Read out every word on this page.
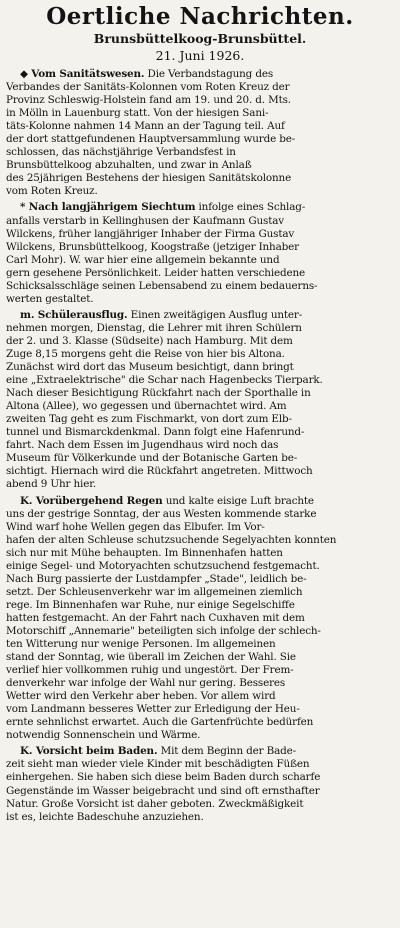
Oertliche Nachrichten.
Brunsbüttelkoog-Brunsbüttel.
21. Juni 1926.
◆ Vom Sanitätswesen. Die Verbandstagung des
Verbandes der Sanitäts-Kolonnen vom Roten Kreuz der
Provinz Schleswig-Holstein fand am 19. und 20. d. Mts.
in Mölln in Lauenburg statt. Von der hiesigen Sani-
täts-Kolonne nahmen 14 Mann an der Tagung teil. Auf
der dort stattgefundenen Hauptversammlung wurde be-
schlossen, das nächstjährige Verbandsfest in
Brunsbüttelkoog abzuhalten, und zwar in Anlaß
des 25jährigen Bestehens der hiesigen Sanitätskolonne
vom Roten Kreuz.
* Nach langjährigem Siechtum infolge eines Schlag-
anfalls verstarb in Kellinghusen der Kaufmann Gustav
Wilckens, früher langjähriger Inhaber der Firma Gustav
Wilckens, Brunsbüttelkoog, Koogstraße (jetziger Inhaber
Carl Mohr). W. war hier eine allgemein bekannte und
gern gesehene Persönlichkeit. Leider hatten verschiedene
Schicksalsschläge seinen Lebensabend zu einem bedauerns-
werten gestaltet.
m. Schülerausflug. Einen zweitägigen Ausflug unter-
nehmen morgen, Dienstag, die Lehrer mit ihren Schülern
der 2. und 3. Klasse (Südseite) nach Hamburg. Mit dem
Zuge 8,15 morgens geht die Reise von hier bis Altona.
Zunächst wird dort das Museum besichtigt, dann bringt
eine „Extraelektrische" die Schar nach Hagenbecks Tierpark.
Nach dieser Besichtigung Rückfahrt nach der Sporthalle in
Altona (Allee), wo gegessen und übernachtet wird. Am
zweiten Tag geht es zum Fischmarkt, von dort zum Elb-
tunnel und Bismarckdenkmal. Dann folgt eine Hafenrund-
fahrt. Nach dem Essen im Jugendhaus wird noch das
Museum für Völkerkunde und der Botanische Garten be-
sichtigt. Hiernach wird die Rückfahrt angetreten. Mittwoch
abend 9 Uhr hier.
K. Vorübergehend Regen und kalte eisige Luft brachte
uns der gestrige Sonntag, der aus Westen kommende starke
Wind warf hohe Wellen gegen das Elbufer. Im Vor-
hafen der alten Schleuse schutzsuchende Segelyachten konnten
sich nur mit Mühe behaupten. Im Binnenhafen hatten
einige Segel- und Motoryachten schutzsuchend festgemacht.
Nach Burg passierte der Lustdampfer „Stade", leidlich be-
setzt. Der Schleusenverkehr war im allgemeinen ziemlich
rege. Im Binnenhafen war Ruhe, nur einige Segelschiffe
hatten festgemacht. An der Fahrt nach Cuxhaven mit dem
Motorschiff „Annemarie" beteiligten sich infolge der schlech-
ten Witterung nur wenige Personen. Im allgemeinen
stand der Sonntag, wie überall im Zeichen der Wahl. Sie
verlief hier vollkommen ruhig und ungestört. Der Frem-
denverkehr war infolge der Wahl nur gering. Besseres
Wetter wird den Verkehr aber heben. Vor allem wird
vom Landmann besseres Wetter zur Erledigung der Heu-
ernte sehnlichst erwartet. Auch die Gartenfrüchte bedürfen
notwendig Sonnenschein und Wärme.
K. Vorsicht beim Baden. Mit dem Beginn der Bade-
zeit sieht man wieder viele Kinder mit beschädigten Füßen
einhergehen. Sie haben sich diese beim Baden durch scharfe
Gegenstände im Wasser beigebracht und sind oft ernsthafter
Natur. Große Vorsicht ist daher geboten. Zweckmäßigkeit
ist es, leichte Badeschuhe anzuziehen.
